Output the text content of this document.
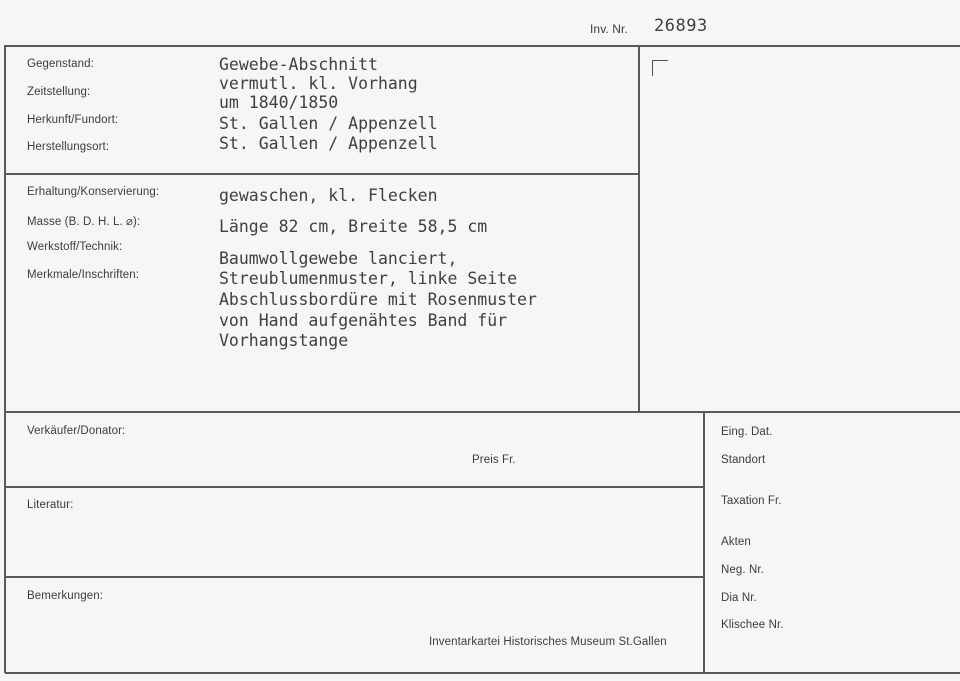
Inv. Nr. 26893
Gegenstand:
Zeitstellung:
Herkunft/Fundort:
Herstellungsort:
Gewebe-Abschnitt
vermutl. kl. Vorhang
um 1840/1850
St. Gallen / Appenzell
St. Gallen / Appenzell
Erhaltung/Konservierung:
Masse (B. D. H. L. ⌀):
Werkstoff/Technik:
Merkmale/Inschriften:
gewaschen, kl. Flecken
Länge 82 cm, Breite 58,5 cm
Baumwollgewebe lanciert,
Streublumenmuster, linke Seite
Abschlussbordüre mit Rosenmuster
von Hand aufgenähtes Band für
Vorhangstange
Verkäufer/Donator:
Preis Fr.
Literatur:
Bemerkungen:
Inventarkartei Historisches Museum St.Gallen
Eing. Dat.
Standort
Taxation Fr.
Akten
Neg. Nr.
Dia Nr.
Klischee Nr.
